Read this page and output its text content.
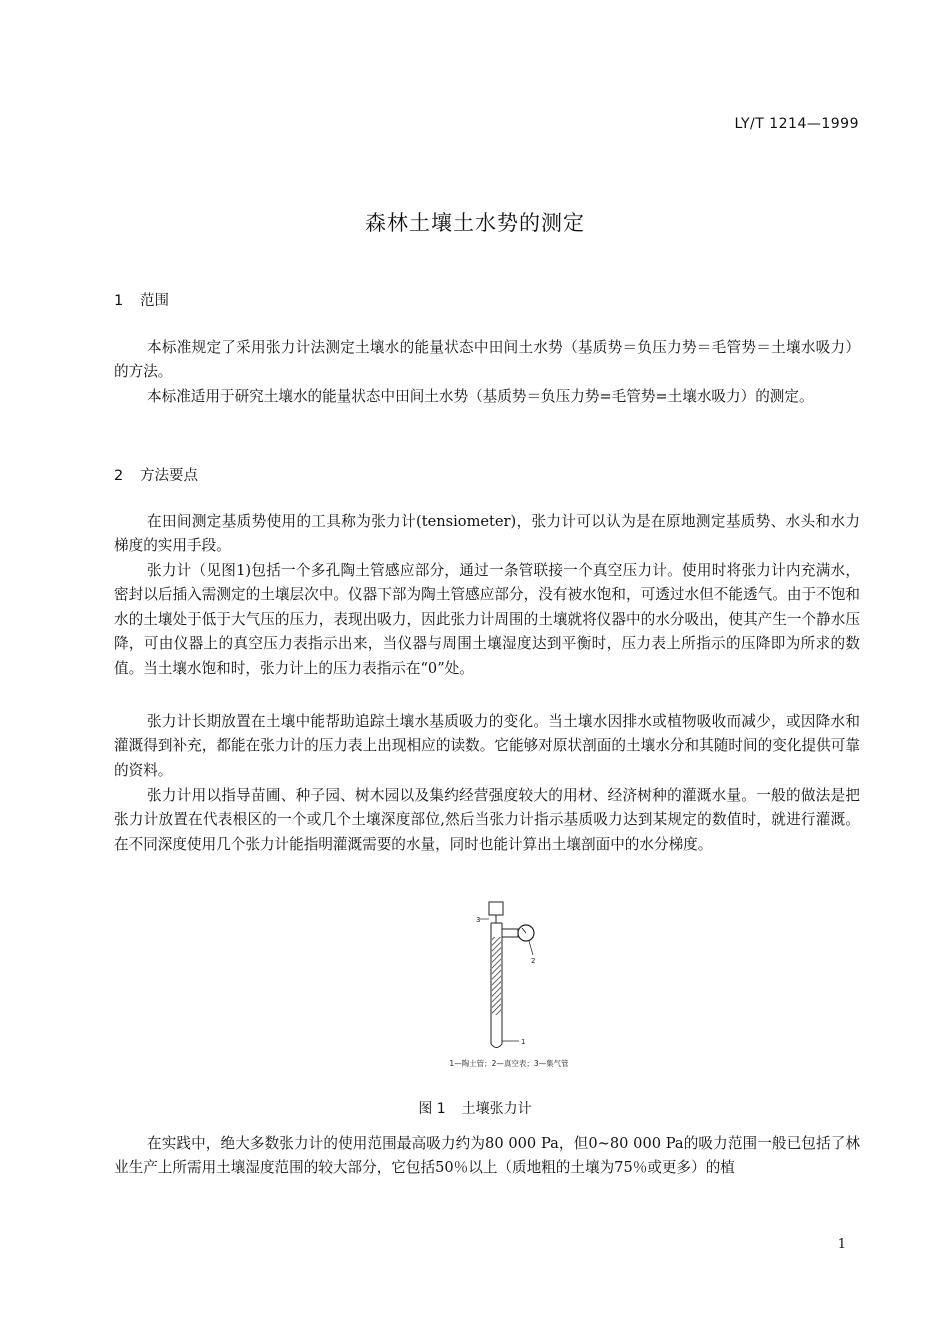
LY/T 1214—1999
森林土壤土水势的测定
1 范围

本标准规定了采用张力计法测定土壤水的能量状态中田间土水势（基质势＝负压力势＝毛管势＝土壤水吸力）的方法。

本标准适用于研究土壤水的能量状态中田间土水势（基质势＝负压力势=毛管势=土壤水吸力）的测定。

2 方法要点

在田间测定基质势使用的工具称为张力计(tensiometer)，张力计可以认为是在原地测定基质势、水头和水力梯度的实用手段。

张力计（见图1)包括一个多孔陶土管感应部分，通过一条管联接一个真空压力计。使用时将张力计内充满水，密封以后插入需测定的土壤层次中。仪器下部为陶土管感应部分，没有被水饱和，可透过水但不能透气。由于不饱和水的土壤处于低于大气压的压力，表现出吸力，因此张力计周围的土壤就将仪器中的水分吸出，使其产生一个静水压降，可由仪器上的真空压力表指示出来，当仪器与周围土壤湿度达到平衡时，压力表上所指示的压降即为所求的数值。当土壤水饱和时，张力计上的压力表指示在“0”处。

张力计长期放置在土壤中能帮助追踪土壤水基质吸力的变化。当土壤水因排水或植物吸收而减少，或因降水和灌溉得到补充，都能在张力计的压力表上出现相应的读数。它能够对原状剖面的土壤水分和其随时间的变化提供可靠的资料。

张力计用以指导苗圃、种子园、树木园以及集约经营强度较大的用材、经济树种的灌溉水量。一般的做法是把张力计放置在代表根区的一个或几个土壤深度部位,然后当张力计指示基质吸力达到某规定的数值时，就进行灌溉。在不同深度使用几个张力计能指明灌溉需要的水量，同时也能计算出土壤剖面中的水分梯度。

3
2
1
1—陶土管；2—真空表；3—集气管
图 1 土壤张力计

在实践中，绝大多数张力计的使用范围最高吸力约为80 000 Pa，但0~80 000 Pa的吸力范围一般已包括了林业生产上所需用土壤湿度范围的较大部分，它包括50％以上（质地粗的土壤为75％或更多）的植

1
